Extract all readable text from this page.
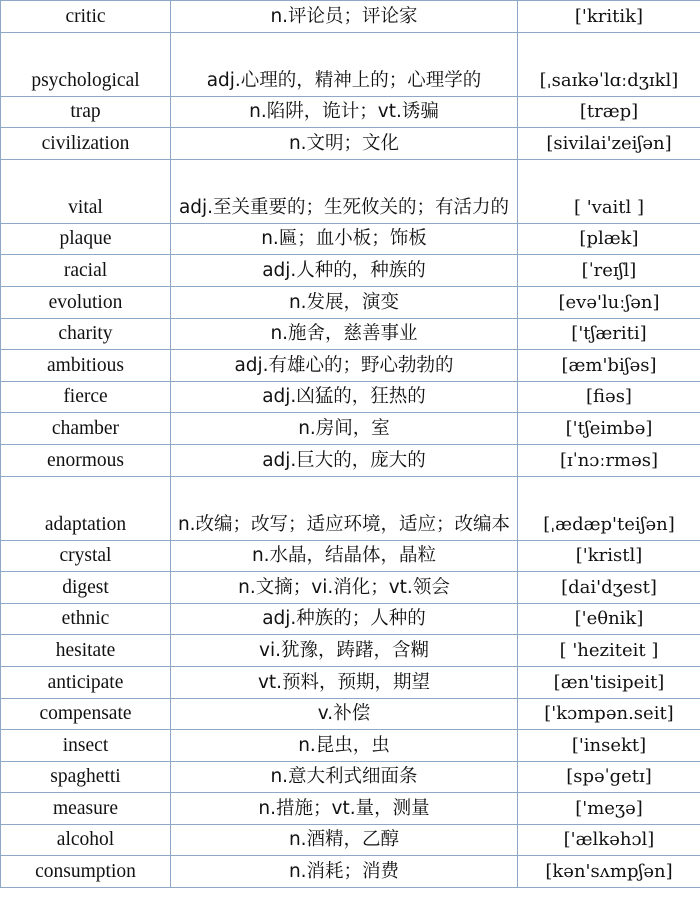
critic	n.评论员；评论家	['kritik]
psychological	adj.心理的，精神上的；心理学的	[ˌsaɪkəˈlɑːdʒɪkl]
trap	n.陷阱，诡计；vt.诱骗	[træp]
civilization	n.文明；文化	[sivilai'zeiʃən]
vital	adj.至关重要的；生死攸关的；有活力的	[ 'vaitl ]
plaque	n.匾；血小板；饰板	[plæk]
racial	adj.人种的，种族的	[ˈreɪʃl]
evolution	n.发展，演变	[evə'luːʃən]
charity	n.施舍，慈善事业	['tʃæriti]
ambitious	adj.有雄心的；野心勃勃的	[æm'biʃəs]
fierce	adj.凶猛的，狂热的	[fiəs]
chamber	n.房间，室	['tʃeimbə]
enormous	adj.巨大的，庞大的	[ɪˈnɔːrməs]
adaptation	n.改编；改写；适应环境，适应；改编本	[ˌædæp'teiʃən]
crystal	n.水晶，结晶体，晶粒	['kristl]
digest	n.文摘；vi.消化；vt.领会	[dai'dʒest]
ethnic	adj.种族的；人种的	['eθnik]
hesitate	vi.犹豫，踌躇，含糊	[ 'heziteit ]
anticipate	vt.预料，预期，期望	[æn'tisipeit]
compensate	v.补偿	['kɔmpən.seit]
insect	n.昆虫，虫	['insekt]
spaghetti	n.意大利式细面条	[spəˈgetɪ]
measure	n.措施；vt.量，测量	['meʒə]
alcohol	n.酒精，乙醇	['ælkəhɔl]
consumption	n.消耗；消费	[kən'sʌmpʃən]
